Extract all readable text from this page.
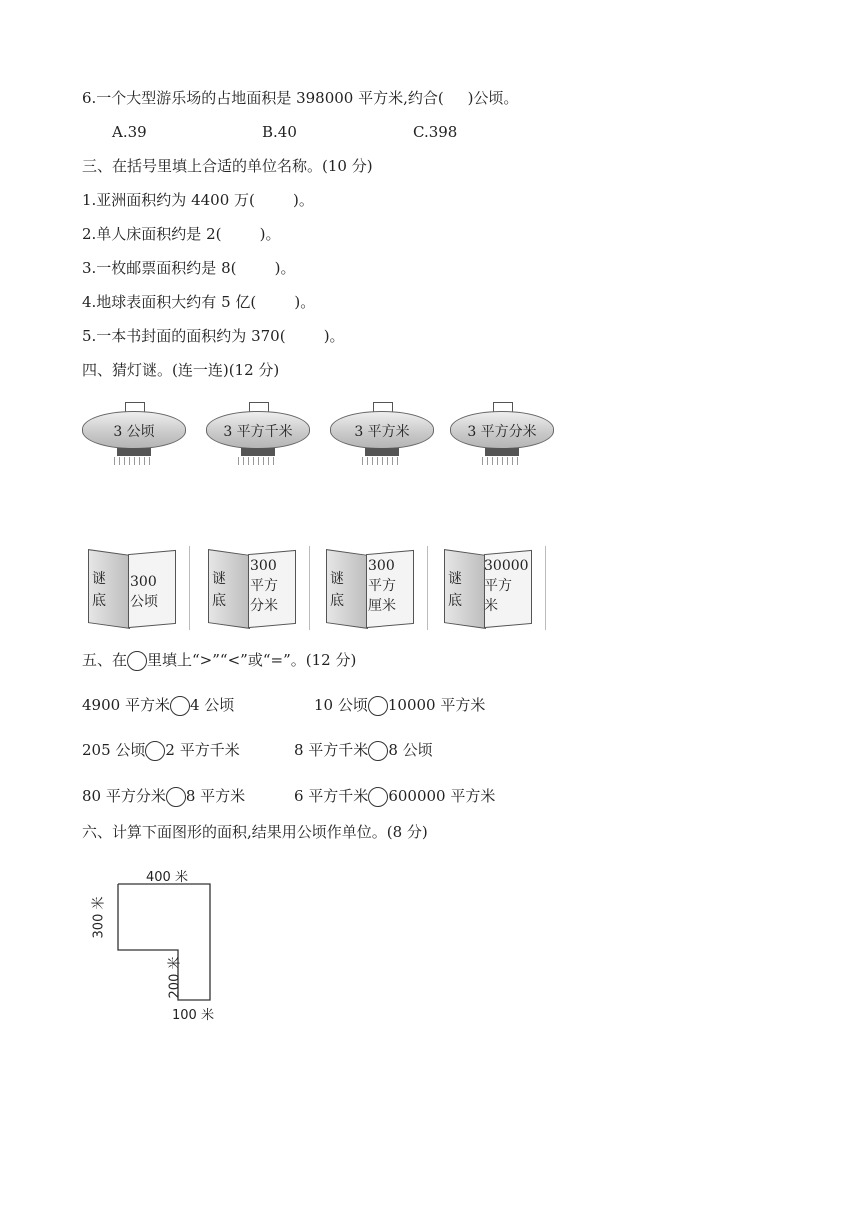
6.一个大型游乐场的占地面积是 398000 平方米,约合(     )公顷。
A.39	B.40	C.398
三、在括号里填上合适的单位名称。(10 分)
1.亚洲面积约为 4400 万(        )。
2.单人床面积约是 2(        )。
3.一枚邮票面积约是 8(        )。
4.地球表面积大约有 5 亿(        )。
5.一本书封面的面积约为 370(        )。
四、猜灯谜。(连一连)(12 分)
3 公顷	3 平方千米	3 平方米	3 平方分米
谜
底
300
公顷
谜
底
300
平方
分米
谜
底
300
平方
厘米
谜
底
30000
平方
米
五、在 里填上“>”“<”或“=”。(12 分)
4900 平方米 4 公顷	10 公顷 10000 平方米
205 公顷 2 平方千米	8 平方千米 8 公顷
80 平方分米 8 平方米	6 平方千米 600000 平方米
六、计算下面图形的面积,结果用公顷作单位。(8 分)
400 米
300 米
200 米
100 米
